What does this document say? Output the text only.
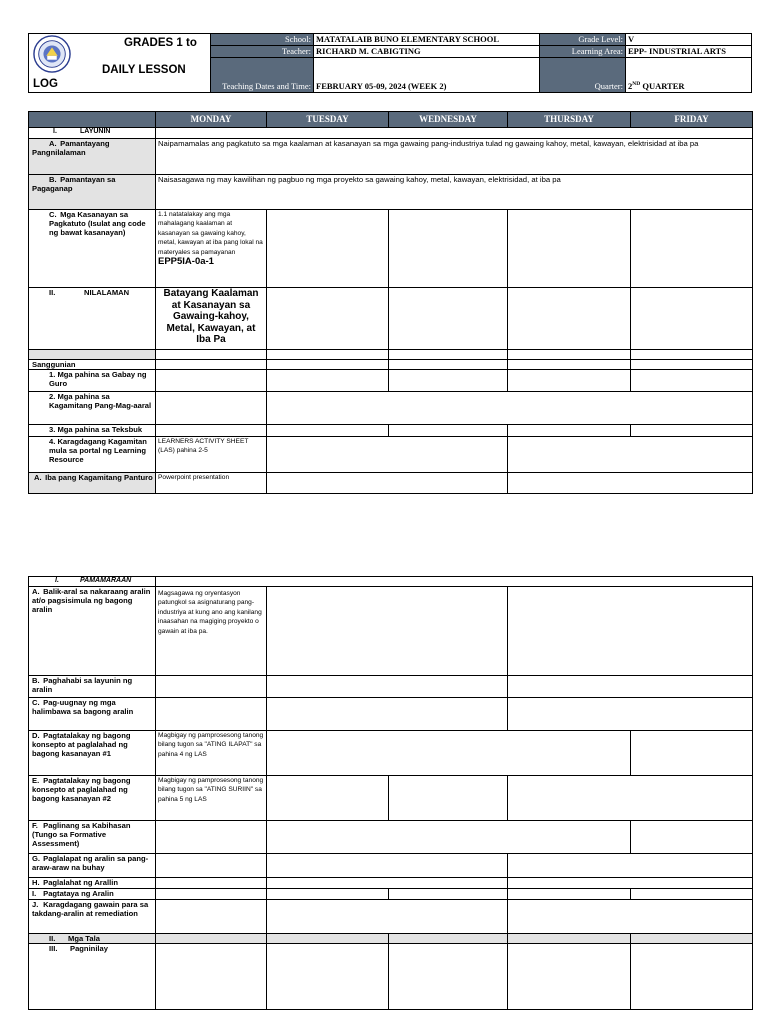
GRADES 1 to
DAILY LESSON
LOG	School:	MATATALAIB BUNO ELEMENTARY SCHOOL	Grade Level:	V
	Teacher:	RICHARD M. CABIGTING	Learning Area:	EPP- INDUSTRIAL ARTS
	Teaching Dates and Time:	FEBRUARY 05-09, 2024 (WEEK 2)	Quarter:	2ND QUARTER

	MONDAY	TUESDAY	WEDNESDAY	THURSDAY	FRIDAY
I. LAYUNIN					
A. Pamantayang Pangnilalaman	Naipamamalas ang pagkatuto sa mga kaalaman at kasanayan sa mga gawaing pang-industriya tulad ng gawaing kahoy, metal, kawayan, elektrisidad at iba pa				
B. Pamantayan sa Pagaganap	Naisasagawa ng may kawilihan ng pagbuo ng mga proyekto sa gawaing kahoy, metal, kawayan, elektrisidad, at iba pa				
C. Mga Kasanayan sa Pagkatuto (Isulat ang code ng bawat kasanayan)	1.1 natatalakay ang mga mahalagang kaalaman at kasanayan sa gawaing kahoy, metal, kawayan at iba pang lokal na materyales sa pamayanan
EPP5IA-0a-1				
II. NILALAMAN	Batayang Kaalaman at Kasanayan sa Gawaing-kahoy, Metal, Kawayan, at Iba Pa				

Sanggunian					
1. Mga pahina sa Gabay ng Guro					
2. Mga pahina sa Kagamitang Pang-Mag-aaral					
3. Mga pahina sa Teksbuk					
4. Karagdagang Kagamitan mula sa portal ng Learning Resource	LEARNERS ACTIVITY SHEET (LAS) pahina 2-5				
A. Iba pang Kagamitang Panturo	Powerpoint presentation				
I. PAMAMARAAN					
A. Balik-aral sa nakaraang aralin at/o pagsisimula ng bagong aralin	Magsagawa ng oryentasyon patungkol sa asignaturang pang-industriya at kung ano ang kanilang inaasahan na magiging proyekto o gawain at iba pa.				
B. Paghahabi sa layunin ng aralin					
C. Pag-uugnay ng mga halimbawa sa bagong aralin					
D. Pagtatalakay ng bagong konsepto at paglalahad ng bagong kasanayan #1	Magbigay ng pamprosesong tanong bilang tugon sa "ATING ILAPAT" sa pahina 4 ng LAS				
E. Pagtatalakay ng bagong konsepto at paglalahad ng bagong kasanayan #2	Magbigay ng pamprosesong tanong bilang tugon sa "ATING SURIIN" sa pahina 5 ng LAS				
F. Paglinang sa Kabihasan (Tungo sa Formative Assessment)					
G. Paglalapat ng aralin sa pang-araw-araw na buhay					
H. Paglalahat ng Arallin					
I. Pagtataya ng Aralin					
J. Karagdagang gawain para sa takdang-aralin at remediation					
II. Mga Tala					
III. Pagninilay					
